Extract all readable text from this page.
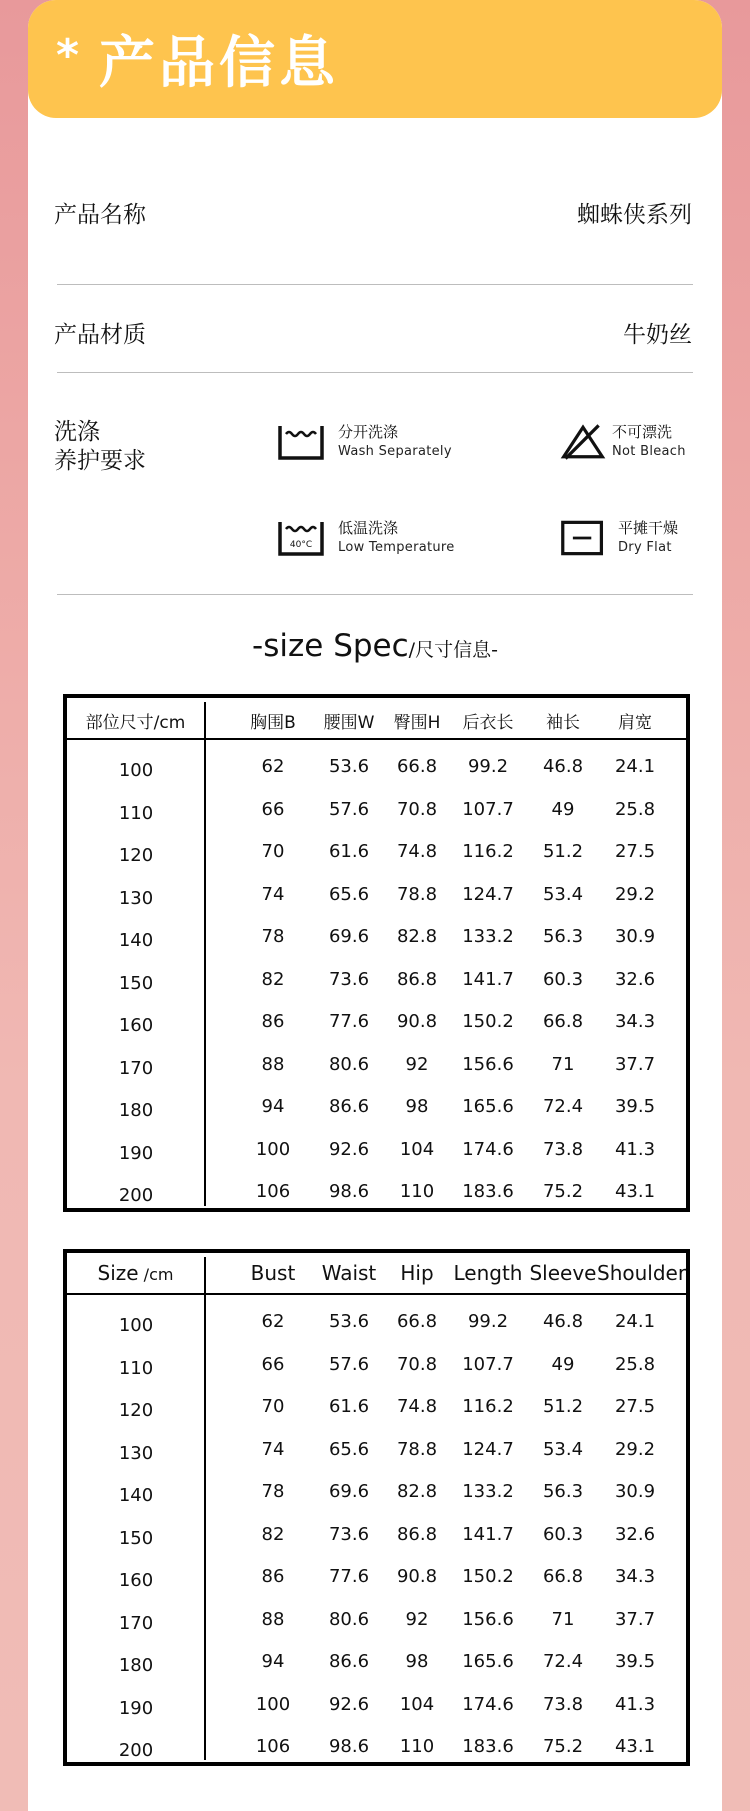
* 产品信息
产品名称	蜘蛛侠系列
产品材质	牛奶丝
洗涤
养护要求
分开洗涤
Wash Separately
不可漂洗
Not Bleach
40°C
低温洗涤
Low Temperature
平摊干燥
Dry Flat
-size Spec/尺寸信息-
部位尺寸/cm	胸围B	腰围W	臀围H	后衣长	袖长	肩宽
100	62	53.6	66.8	99.2	46.8	24.1
110	66	57.6	70.8	107.7	49	25.8
120	70	61.6	74.8	116.2	51.2	27.5
130	74	65.6	78.8	124.7	53.4	29.2
140	78	69.6	82.8	133.2	56.3	30.9
150	82	73.6	86.8	141.7	60.3	32.6
160	86	77.6	90.8	150.2	66.8	34.3
170	88	80.6	92	156.6	71	37.7
180	94	86.6	98	165.6	72.4	39.5
190	100	92.6	104	174.6	73.8	41.3
200	106	98.6	110	183.6	75.2	43.1
Size /cm	Bust	Waist	Hip Length Sleeve Shoulder
100	62	53.6	66.8	99.2	46.8	24.1
110	66	57.6	70.8	107.7	49	25.8
120	70	61.6	74.8	116.2	51.2	27.5
130	74	65.6	78.8	124.7	53.4	29.2
140	78	69.6	82.8	133.2	56.3	30.9
150	82	73.6	86.8	141.7	60.3	32.6
160	86	77.6	90.8	150.2	66.8	34.3
170	88	80.6	92	156.6	71	37.7
180	94	86.6	98	165.6	72.4	39.5
190	100	92.6	104	174.6	73.8	41.3
200	106	98.6	110	183.6	75.2	43.1
